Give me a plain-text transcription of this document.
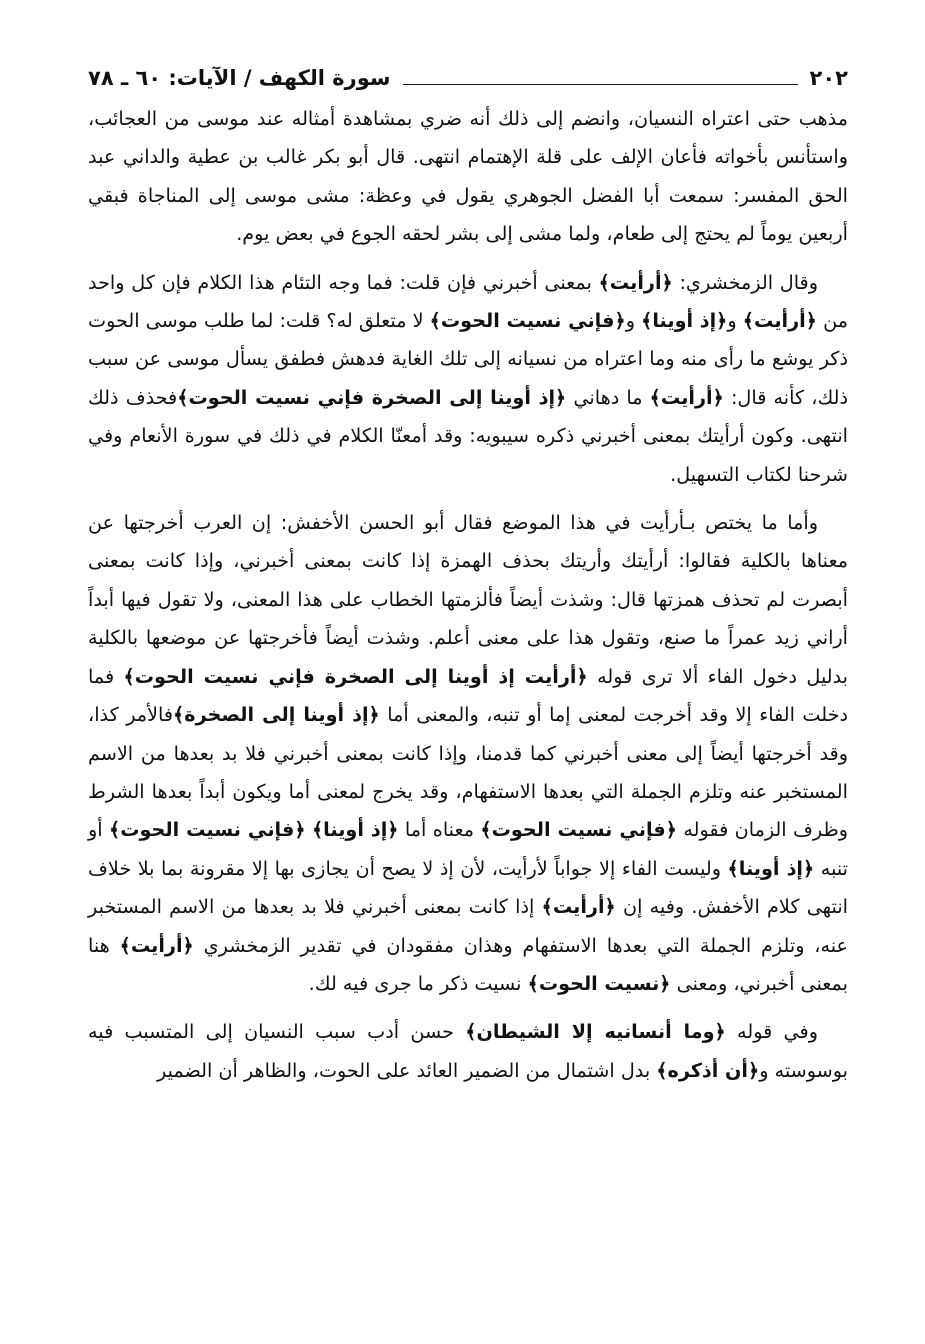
٢٠٢
سورة الكهف / الآيات: ٦٠ ـ ٧٨

مذهب حتى اعتراه النسيان، وانضم إلى ذلك أنه ضري بمشاهدة أمثاله عند موسى من العجائب، واستأنس بأخواته فأعان الإلف على قلة الإهتمام انتهى. قال أبو بكر غالب بن عطية والداني عبد الحق المفسر: سمعت أبا الفضل الجوهري يقول في وعظة: مشى موسى إلى المناجاة فبقي أربعين يوماً لم يحتج إلى طعام، ولما مشى إلى بشر لحقه الجوع في بعض يوم.

وقال الزمخشري: ﴿أرأيت﴾ بمعنى أخبرني فإن قلت: فما وجه التئام هذا الكلام فإن كل واحد من ﴿أرأيت﴾ و﴿إذ أوينا﴾ و﴿فإني نسيت الحوت﴾ لا متعلق له؟ قلت: لما طلب موسى الحوت ذكر يوشع ما رأى منه وما اعتراه من نسيانه إلى تلك الغاية فدهش فطفق يسأل موسى عن سبب ذلك، كأنه قال: ﴿أرأيت﴾ ما دهاني ﴿إذ أوينا إلى الصخرة فإني نسيت الحوت﴾فحذف ذلك انتهى. وكون أرأيتك بمعنى أخبرني ذكره سيبويه: وقد أمعنّا الكلام في ذلك في سورة الأنعام وفي شرحنا لكتاب التسهيل.

وأما ما يختص بـأرأيت في هذا الموضع فقال أبو الحسن الأخفش: إن العرب أخرجتها عن معناها بالكلية فقالوا: أرأيتك وأريتك بحذف الهمزة إذا كانت بمعنى أخبرني، وإذا كانت بمعنى أبصرت لم تحذف همزتها قال: وشذت أيضاً فألزمتها الخطاب على هذا المعنى، ولا تقول فيها أبداً أراني زيد عمراً ما صنع، وتقول هذا على معنى أعلم. وشذت أيضاً فأخرجتها عن موضعها بالكلية بدليل دخول الفاء ألا ترى قوله ﴿أرأيت إذ أوينا إلى الصخرة فإني نسيت الحوت﴾ فما دخلت الفاء إلا وقد أخرجت لمعنى إما أو تنبه، والمعنى أما ﴿إذ أوينا إلى الصخرة﴾فالأمر كذا، وقد أخرجتها أيضاً إلى معنى أخبرني كما قدمنا، وإذا كانت بمعنى أخبرني فلا بد بعدها من الاسم المستخبر عنه وتلزم الجملة التي بعدها الاستفهام، وقد يخرج لمعنى أما ويكون أبداً بعدها الشرط وظرف الزمان فقوله ﴿فإني نسيت الحوت﴾ معناه أما ﴿إذ أوينا﴾ ﴿فإني نسيت الحوت﴾ أو تنبه ﴿إذ أوينا﴾ وليست الفاء إلا جواباً لأرأيت، لأن إذ لا يصح أن يجازى بها إلا مقرونة بما بلا خلاف انتهى كلام الأخفش. وفيه إن ﴿أرأيت﴾ إذا كانت بمعنى أخبرني فلا بد بعدها من الاسم المستخبر عنه، وتلزم الجملة التي بعدها الاستفهام وهذان مفقودان في تقدير الزمخشري ﴿أرأيت﴾ هنا بمعنى أخبرني، ومعنى ﴿نسيت الحوت﴾ نسيت ذكر ما جرى فيه لك.

وفي قوله ﴿وما أنسانيه إلا الشيطان﴾ حسن أدب سبب النسيان إلى المتسبب فيه بوسوسته و﴿أن أذكره﴾ بدل اشتمال من الضمير العائد على الحوت، والظاهر أن الضمير
